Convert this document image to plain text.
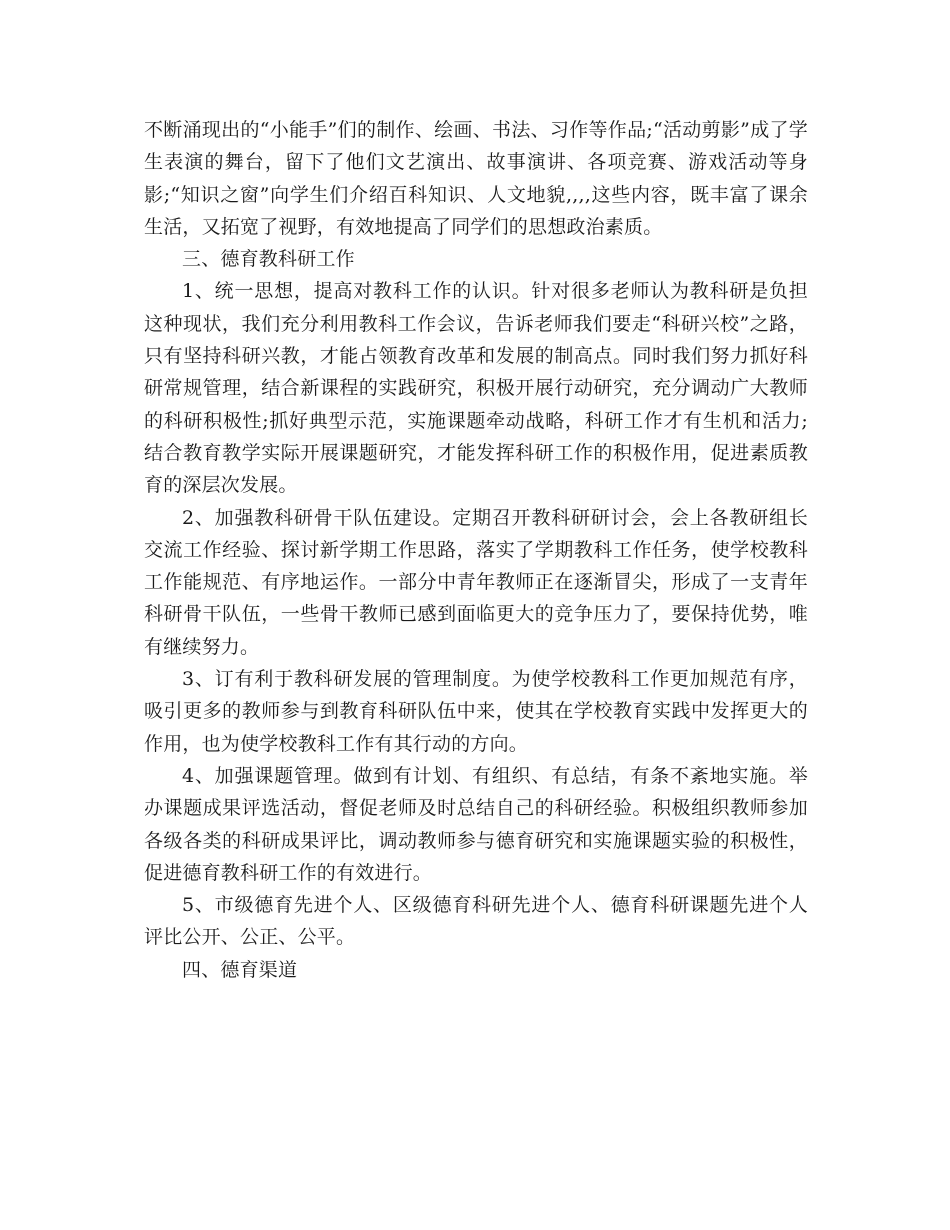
不断涌现出的“小能手”们的制作、绘画、书法、习作等作品;“活动剪影”成了学生表演的舞台，留下了他们文艺演出、故事演讲、各项竞赛、游戏活动等身影;“知识之窗”向学生们介绍百科知识、人文地貌,,,,这些内容，既丰富了课余生活，又拓宽了视野，有效地提高了同学们的思想政治素质。

三、德育教科研工作

1、统一思想，提高对教科工作的认识。针对很多老师认为教科研是负担这种现状，我们充分利用教科工作会议，告诉老师我们要走“科研兴校”之路，只有坚持科研兴教，才能占领教育改革和发展的制高点。同时我们努力抓好科研常规管理，结合新课程的实践研究，积极开展行动研究，充分调动广大教师的科研积极性;抓好典型示范，实施课题牵动战略，科研工作才有生机和活力;结合教育教学实际开展课题研究，才能发挥科研工作的积极作用，促进素质教育的深层次发展。

2、加强教科研骨干队伍建设。定期召开教科研研讨会，会上各教研组长交流工作经验、探讨新学期工作思路，落实了学期教科工作任务，使学校教科工作能规范、有序地运作。一部分中青年教师正在逐渐冒尖，形成了一支青年科研骨干队伍，一些骨干教师已感到面临更大的竞争压力了，要保持优势，唯有继续努力。

3、订有利于教科研发展的管理制度。为使学校教科工作更加规范有序，吸引更多的教师参与到教育科研队伍中来，使其在学校教育实践中发挥更大的作用，也为使学校教科工作有其行动的方向。

4、加强课题管理。做到有计划、有组织、有总结，有条不紊地实施。举办课题成果评选活动，督促老师及时总结自己的科研经验。积极组织教师参加各级各类的科研成果评比，调动教师参与德育研究和实施课题实验的积极性，促进德育教科研工作的有效进行。

5、市级德育先进个人、区级德育科研先进个人、德育科研课题先进个人评比公开、公正、公平。

四、德育渠道
